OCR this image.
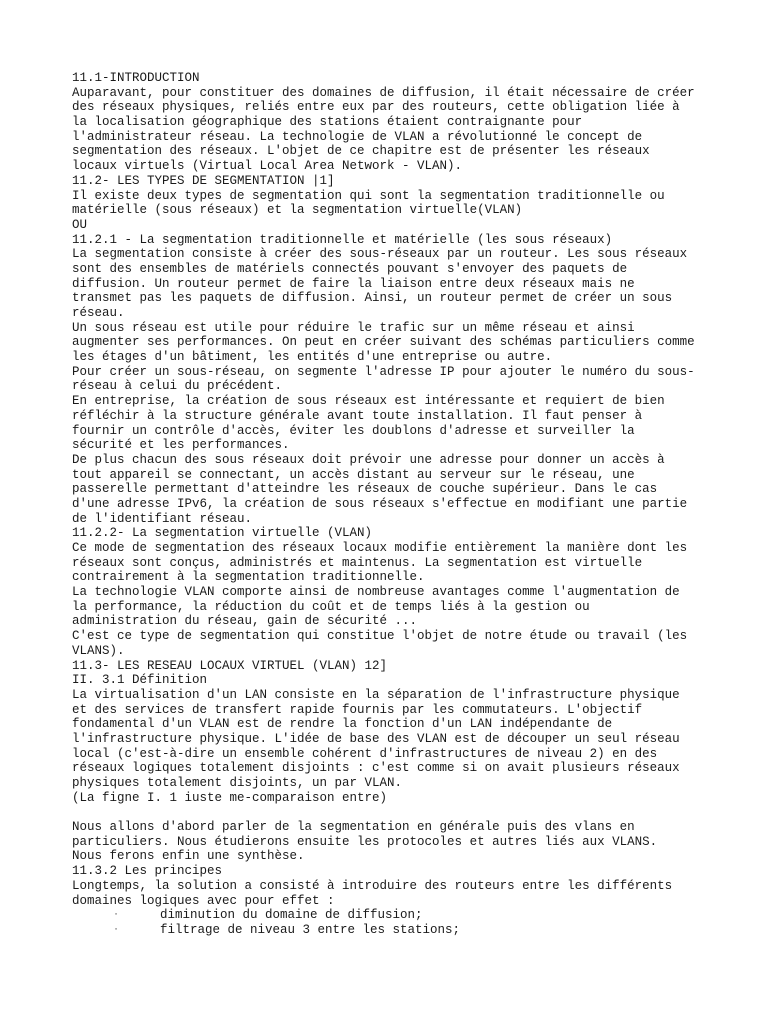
11.1-INTRODUCTION
Auparavant, pour constituer des domaines de diffusion, il était nécessaire de créer
des réseaux physiques, reliés entre eux par des routeurs, cette obligation liée à
la localisation géographique des stations étaient contraignante pour
l'administrateur réseau. La technologie de VLAN a révolutionné le concept de
segmentation des réseaux. L'objet de ce chapitre est de présenter les réseaux
locaux virtuels (Virtual Local Area Network - VLAN).
11.2- LES TYPES DE SEGMENTATION |1]
Il existe deux types de segmentation qui sont la segmentation traditionnelle ou
matérielle (sous réseaux) et la segmentation virtuelle(VLAN)
OU
11.2.1 - La segmentation traditionnelle et matérielle (les sous réseaux)
La segmentation consiste à créer des sous-réseaux par un routeur. Les sous réseaux
sont des ensembles de matériels connectés pouvant s'envoyer des paquets de
diffusion. Un routeur permet de faire la liaison entre deux réseaux mais ne
transmet pas les paquets de diffusion. Ainsi, un routeur permet de créer un sous
réseau.
Un sous réseau est utile pour réduire le trafic sur un même réseau et ainsi
augmenter ses performances. On peut en créer suivant des schémas particuliers comme
les étages d'un bâtiment, les entités d'une entreprise ou autre.
Pour créer un sous-réseau, on segmente l'adresse IP pour ajouter le numéro du sous-
réseau à celui du précédent.
En entreprise, la création de sous réseaux est intéressante et requiert de bien
réfléchir à la structure générale avant toute installation. Il faut penser à
fournir un contrôle d'accès, éviter les doublons d'adresse et surveiller la
sécurité et les performances.
De plus chacun des sous réseaux doit prévoir une adresse pour donner un accès à
tout appareil se connectant, un accès distant au serveur sur le réseau, une
passerelle permettant d'atteindre les réseaux de couche supérieur. Dans le cas
d'une adresse IPv6, la création de sous réseaux s'effectue en modifiant une partie
de l'identifiant réseau.
11.2.2- La segmentation virtuelle (VLAN)
Ce mode de segmentation des réseaux locaux modifie entièrement la manière dont les
réseaux sont conçus, administrés et maintenus. La segmentation est virtuelle
contrairement à la segmentation traditionnelle.
La technologie VLAN comporte ainsi de nombreuse avantages comme l'augmentation de
la performance, la réduction du coût et de temps liés à la gestion ou
administration du réseau, gain de sécurité ...
C'est ce type de segmentation qui constitue l'objet de notre étude ou travail (les
VLANS).
11.3- LES RESEAU LOCAUX VIRTUEL (VLAN) 12]
II. 3.1 Définition
La virtualisation d'un LAN consiste en la séparation de l'infrastructure physique
et des services de transfert rapide fournis par les commutateurs. L'objectif
fondamental d'un VLAN est de rendre la fonction d'un LAN indépendante de
l'infrastructure physique. L'idée de base des VLAN est de découper un seul réseau
local (c'est-à-dire un ensemble cohérent d'infrastructures de niveau 2) en des
réseaux logiques totalement disjoints : c'est comme si on avait plusieurs réseaux
physiques totalement disjoints, un par VLAN.
(La figne I. 1 iuste me-comparaison entre)
Nous allons d'abord parler de la segmentation en générale puis des vlans en
particuliers. Nous étudierons ensuite les protocoles et autres liés aux VLANS.
Nous ferons enfin une synthèse.
11.3.2 Les principes
Longtemps, la solution a consisté à introduire des routeurs entre les différents
domaines logiques avec pour effet :
·	diminution du domaine de diffusion;
·	filtrage de niveau 3 entre les stations;
